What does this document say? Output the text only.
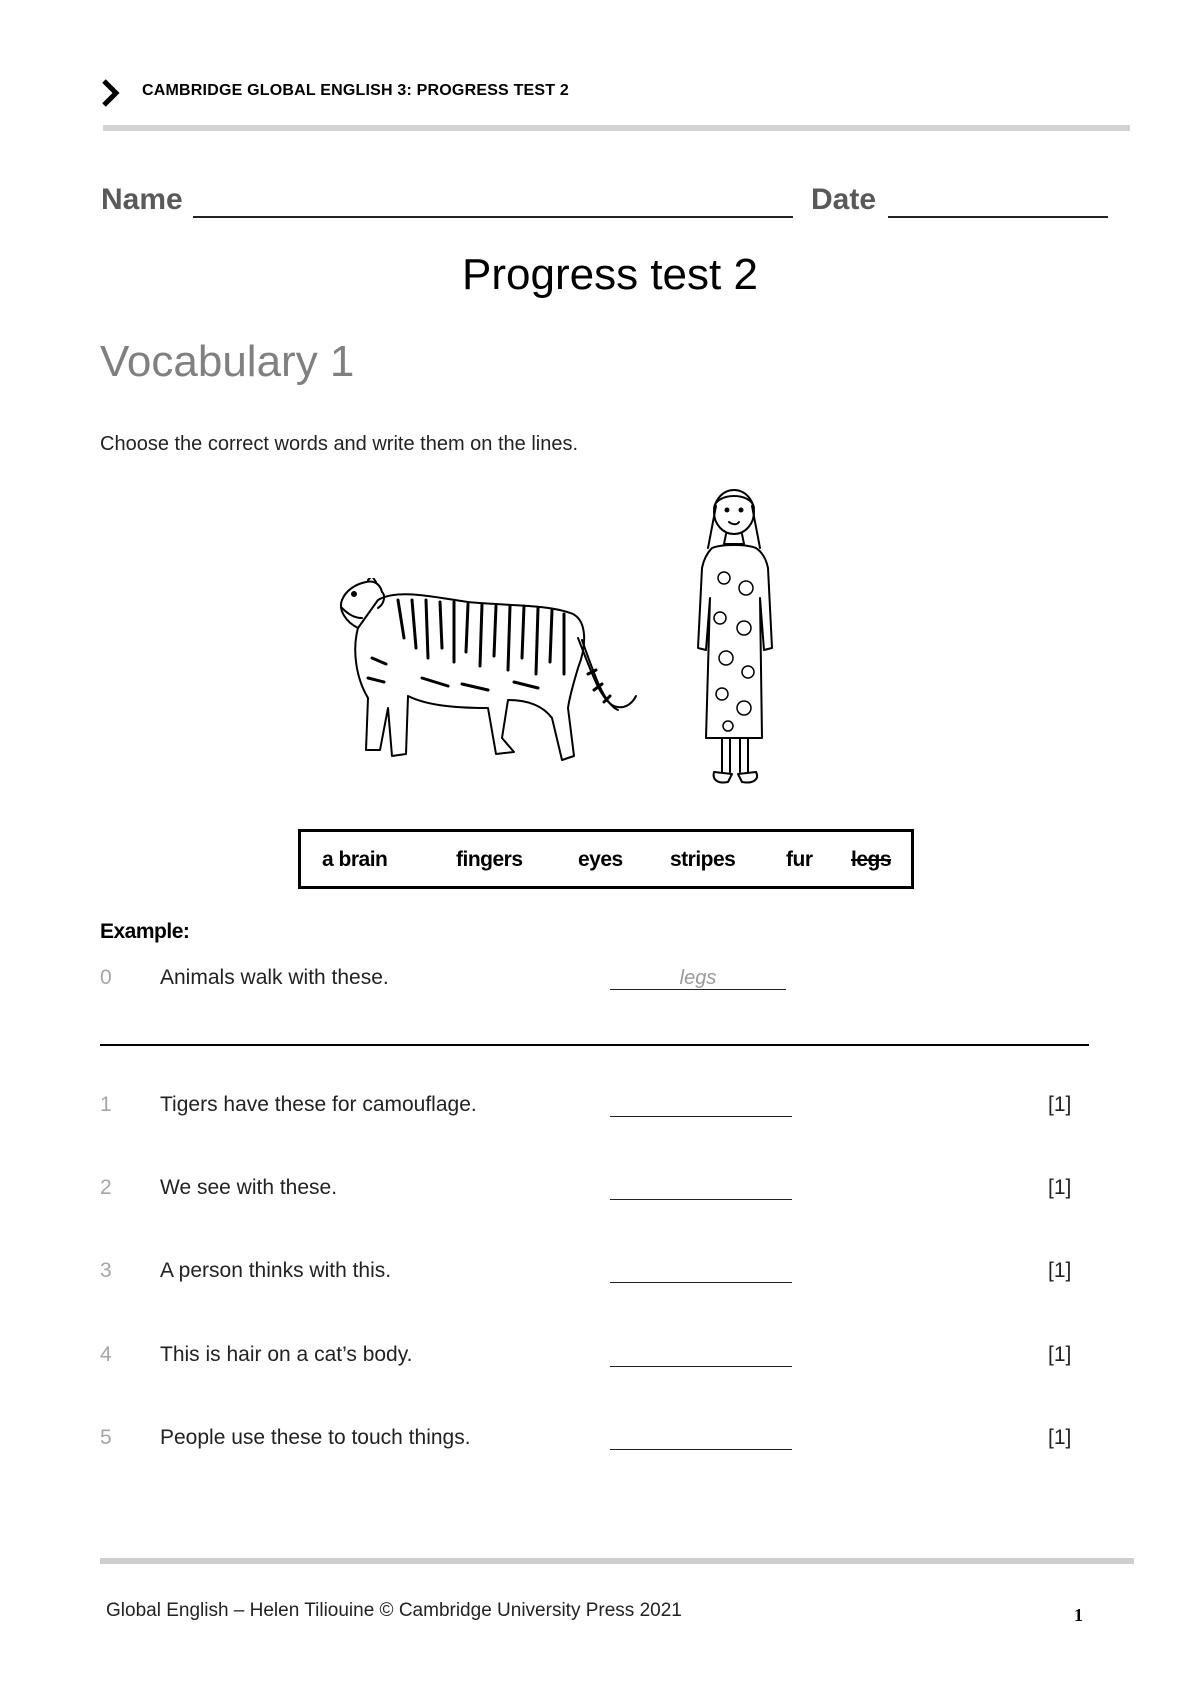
CAMBRIDGE GLOBAL ENGLISH 3: PROGRESS TEST 2
Name	Date
Progress test 2
Vocabulary 1
Choose the correct words and write them on the lines.
a brain	fingers	eyes stripes fur legs
Example:
0 Animals walk with these.	legs
1 Tigers have these for camouflage.	[1]
2 We see with these.	[1]
3 A person thinks with this.	[1]
4 This is hair on a cat’s body.	[1]
5 People use these to touch things.	[1]
Global English – Helen Tiliouine © Cambridge University Press 2021	1
